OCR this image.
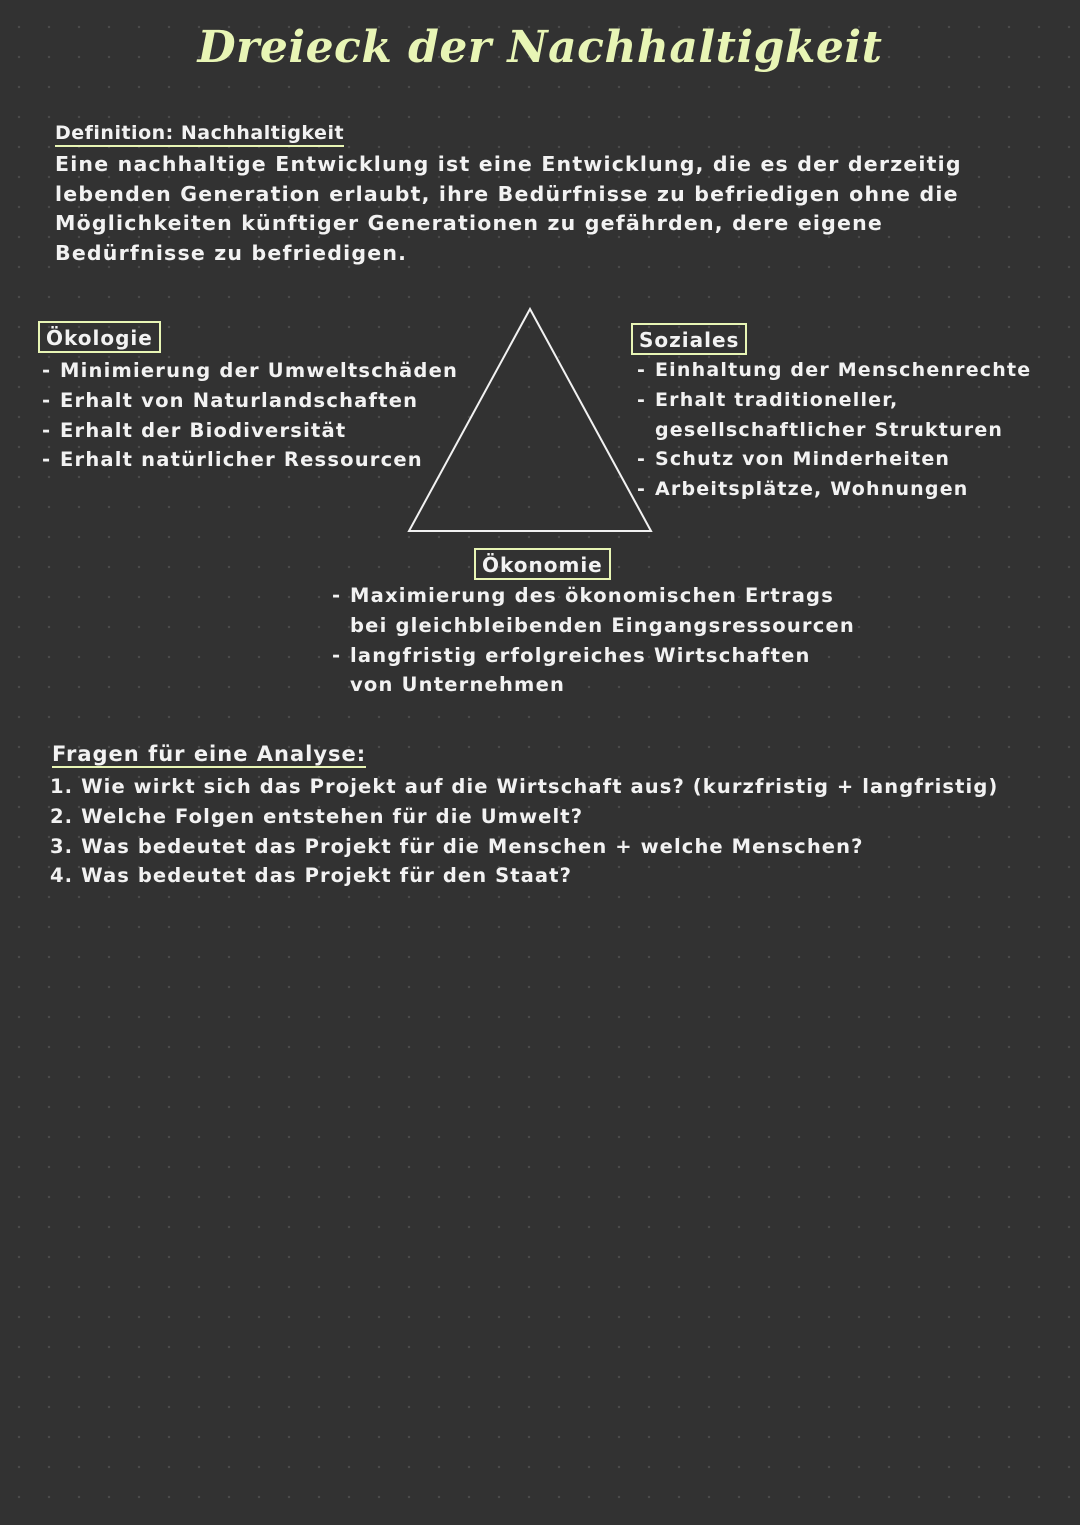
Dreieck der Nachhaltigkeit
Definition: Nachhaltigkeit

Eine nachhaltige Entwicklung ist eine Entwicklung, die es der derzeitig lebenden Generation erlaubt, ihre Bedürfnisse zu befriedigen ohne die Möglichkeiten künftiger Generationen zu gefährden, dere eigene Bedürfnisse zu befriedigen.

Ökologie
- Minimierung der Umweltschäden
- Erhalt von Naturlandschaften
- Erhalt der Biodiversität
- Erhalt natürlicher Ressourcen
Soziales
- Einhaltung der Menschenrechte
- Erhalt traditioneller,
gesellschaftlicher Strukturen
- Schutz von Minderheiten
- Arbeitsplätze, Wohnungen
Ökonomie
- Maximierung des ökonomischen Ertrags
bei gleichbleibenden Eingangsressourcen
- langfristig erfolgreiches Wirtschaften
von Unternehmen
Fragen für eine Analyse:
1. Wie wirkt sich das Projekt auf die Wirtschaft aus? (kurzfristig + langfristig)
2. Welche Folgen entstehen für die Umwelt?
3. Was bedeutet das Projekt für die Menschen + welche Menschen?
4. Was bedeutet das Projekt für den Staat?
